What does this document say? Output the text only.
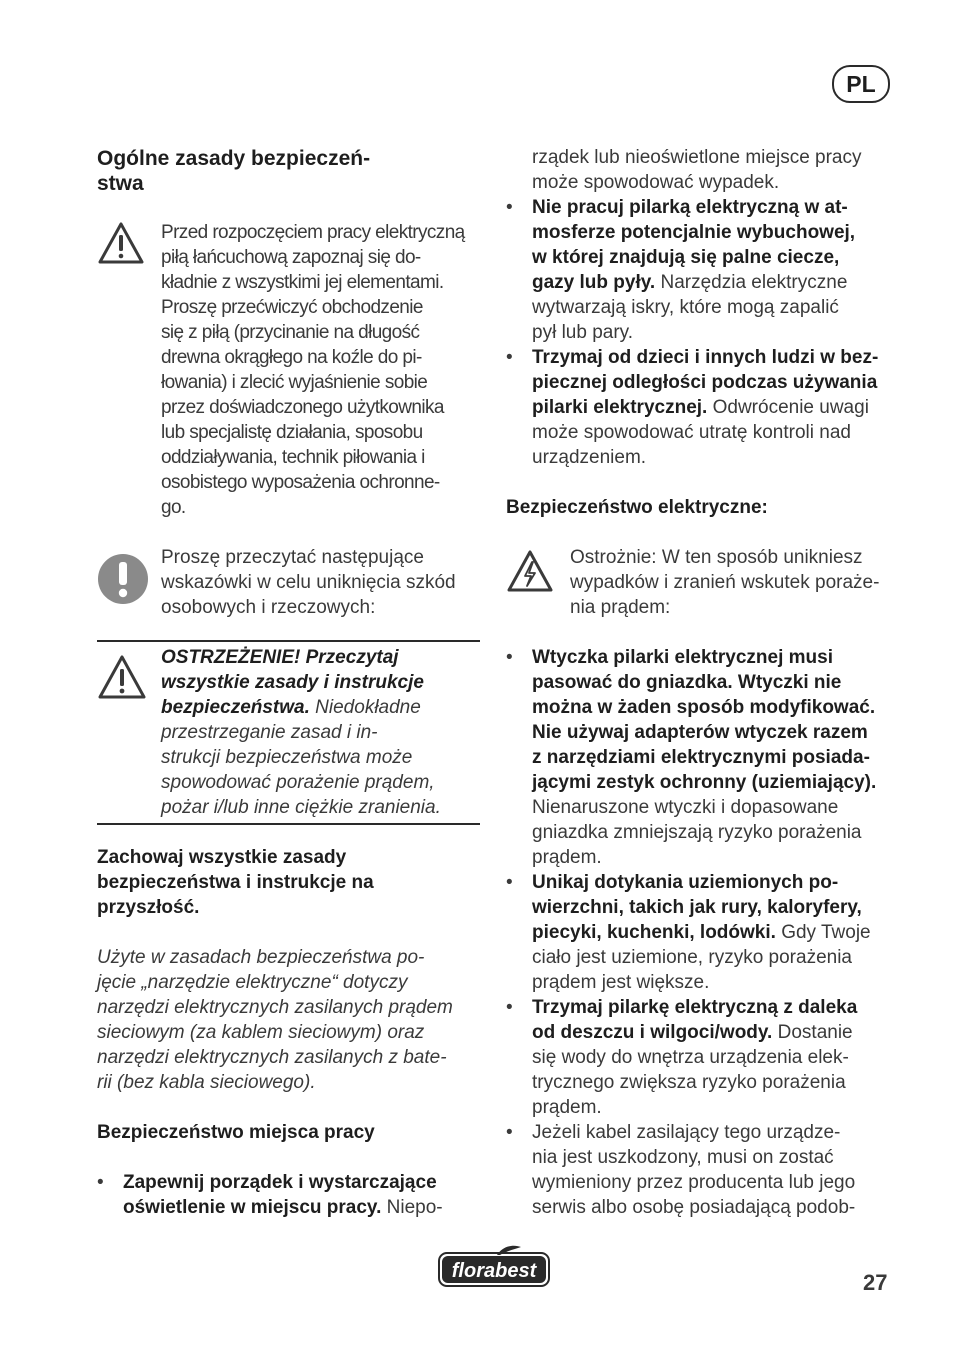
PL
Ogólne zasady bezpieczeń-
stwa
Przed rozpoczęciem pracy elektryczną
piłą łańcuchową zapoznaj się do-
kładnie z wszystkimi jej elementami.
Proszę przećwiczyć obchodzenie
się z piłą (przycinanie na długość
drewna okrągłego na koźle do pi-
łowania) i zlecić wyjaśnienie sobie
przez doświadczonego użytkownika
lub specjalistę działania, sposobu
oddziaływania, technik piłowania i
osobistego wyposażenia ochronne-
go.
Proszę przeczytać następujące
wskazówki w celu uniknięcia szkód
osobowych i rzeczowych:
OSTRZEŻENIE! Przeczytaj
wszystkie zasady i instrukcje
bezpieczeństwa. Niedokładne
przestrzeganie zasad i in-
strukcji bezpieczeństwa może
spowodować porażenie prądem,
pożar i/lub inne ciężkie zranienia.
Zachowaj wszystkie zasady
bezpieczeństwa i instrukcje na
przyszłość.
Użyte w zasadach bezpieczeństwa po-
jęcie „narzędzie elektryczne“ dotyczy
narzędzi elektrycznych zasilanych prądem
sieciowym (za kablem sieciowym) oraz
narzędzi elektrycznych zasilanych z bate-
rii (bez kabla sieciowego).
Bezpieczeństwo miejsca pracy
• Zapewnij porządek i wystarczające
oświetlenie w miejscu pracy. Niepo-
rządek lub nieoświetlone miejsce pracy
może spowodować wypadek.
• Nie pracuj pilarką elektryczną w at-
mosferze potencjalnie wybuchowej,
w której znajdują się palne ciecze,
gazy lub pyły. Narzędzia elektryczne
wytwarzają iskry, które mogą zapalić
pył lub pary.
• Trzymaj od dzieci i innych ludzi w bez-
piecznej odległości podczas używania
pilarki elektrycznej. Odwrócenie uwagi
może spowodować utratę kontroli nad
urządzeniem.
Bezpieczeństwo elektryczne:
Ostrożnie: W ten sposób unikniesz
wypadków i zranień wskutek poraże-
nia prądem:
• Wtyczka pilarki elektrycznej musi
pasować do gniazdka. Wtyczki nie
można w żaden sposób modyfikować.
Nie używaj adapterów wtyczek razem
z narzędziami elektrycznymi posiada-
jącymi zestyk ochronny (uziemiający).
Nienaruszone wtyczki i dopasowane
gniazdka zmniejszają ryzyko porażenia
prądem.
• Unikaj dotykania uziemionych po-
wierzchni, takich jak rury, kaloryfery,
piecyki, kuchenki, lodówki. Gdy Twoje
ciało jest uziemione, ryzyko porażenia
prądem jest większe.
• Trzymaj pilarkę elektryczną z daleka
od deszczu i wilgoci/wody. Dostanie
się wody do wnętrza urządzenia elek-
trycznego zwiększa ryzyko porażenia
prądem.
• Jeżeli kabel zasilający tego urządze-
nia jest uszkodzony, musi on zostać
wymieniony przez producenta lub jego
serwis albo osobę posiadającą podob-
florabest	27
